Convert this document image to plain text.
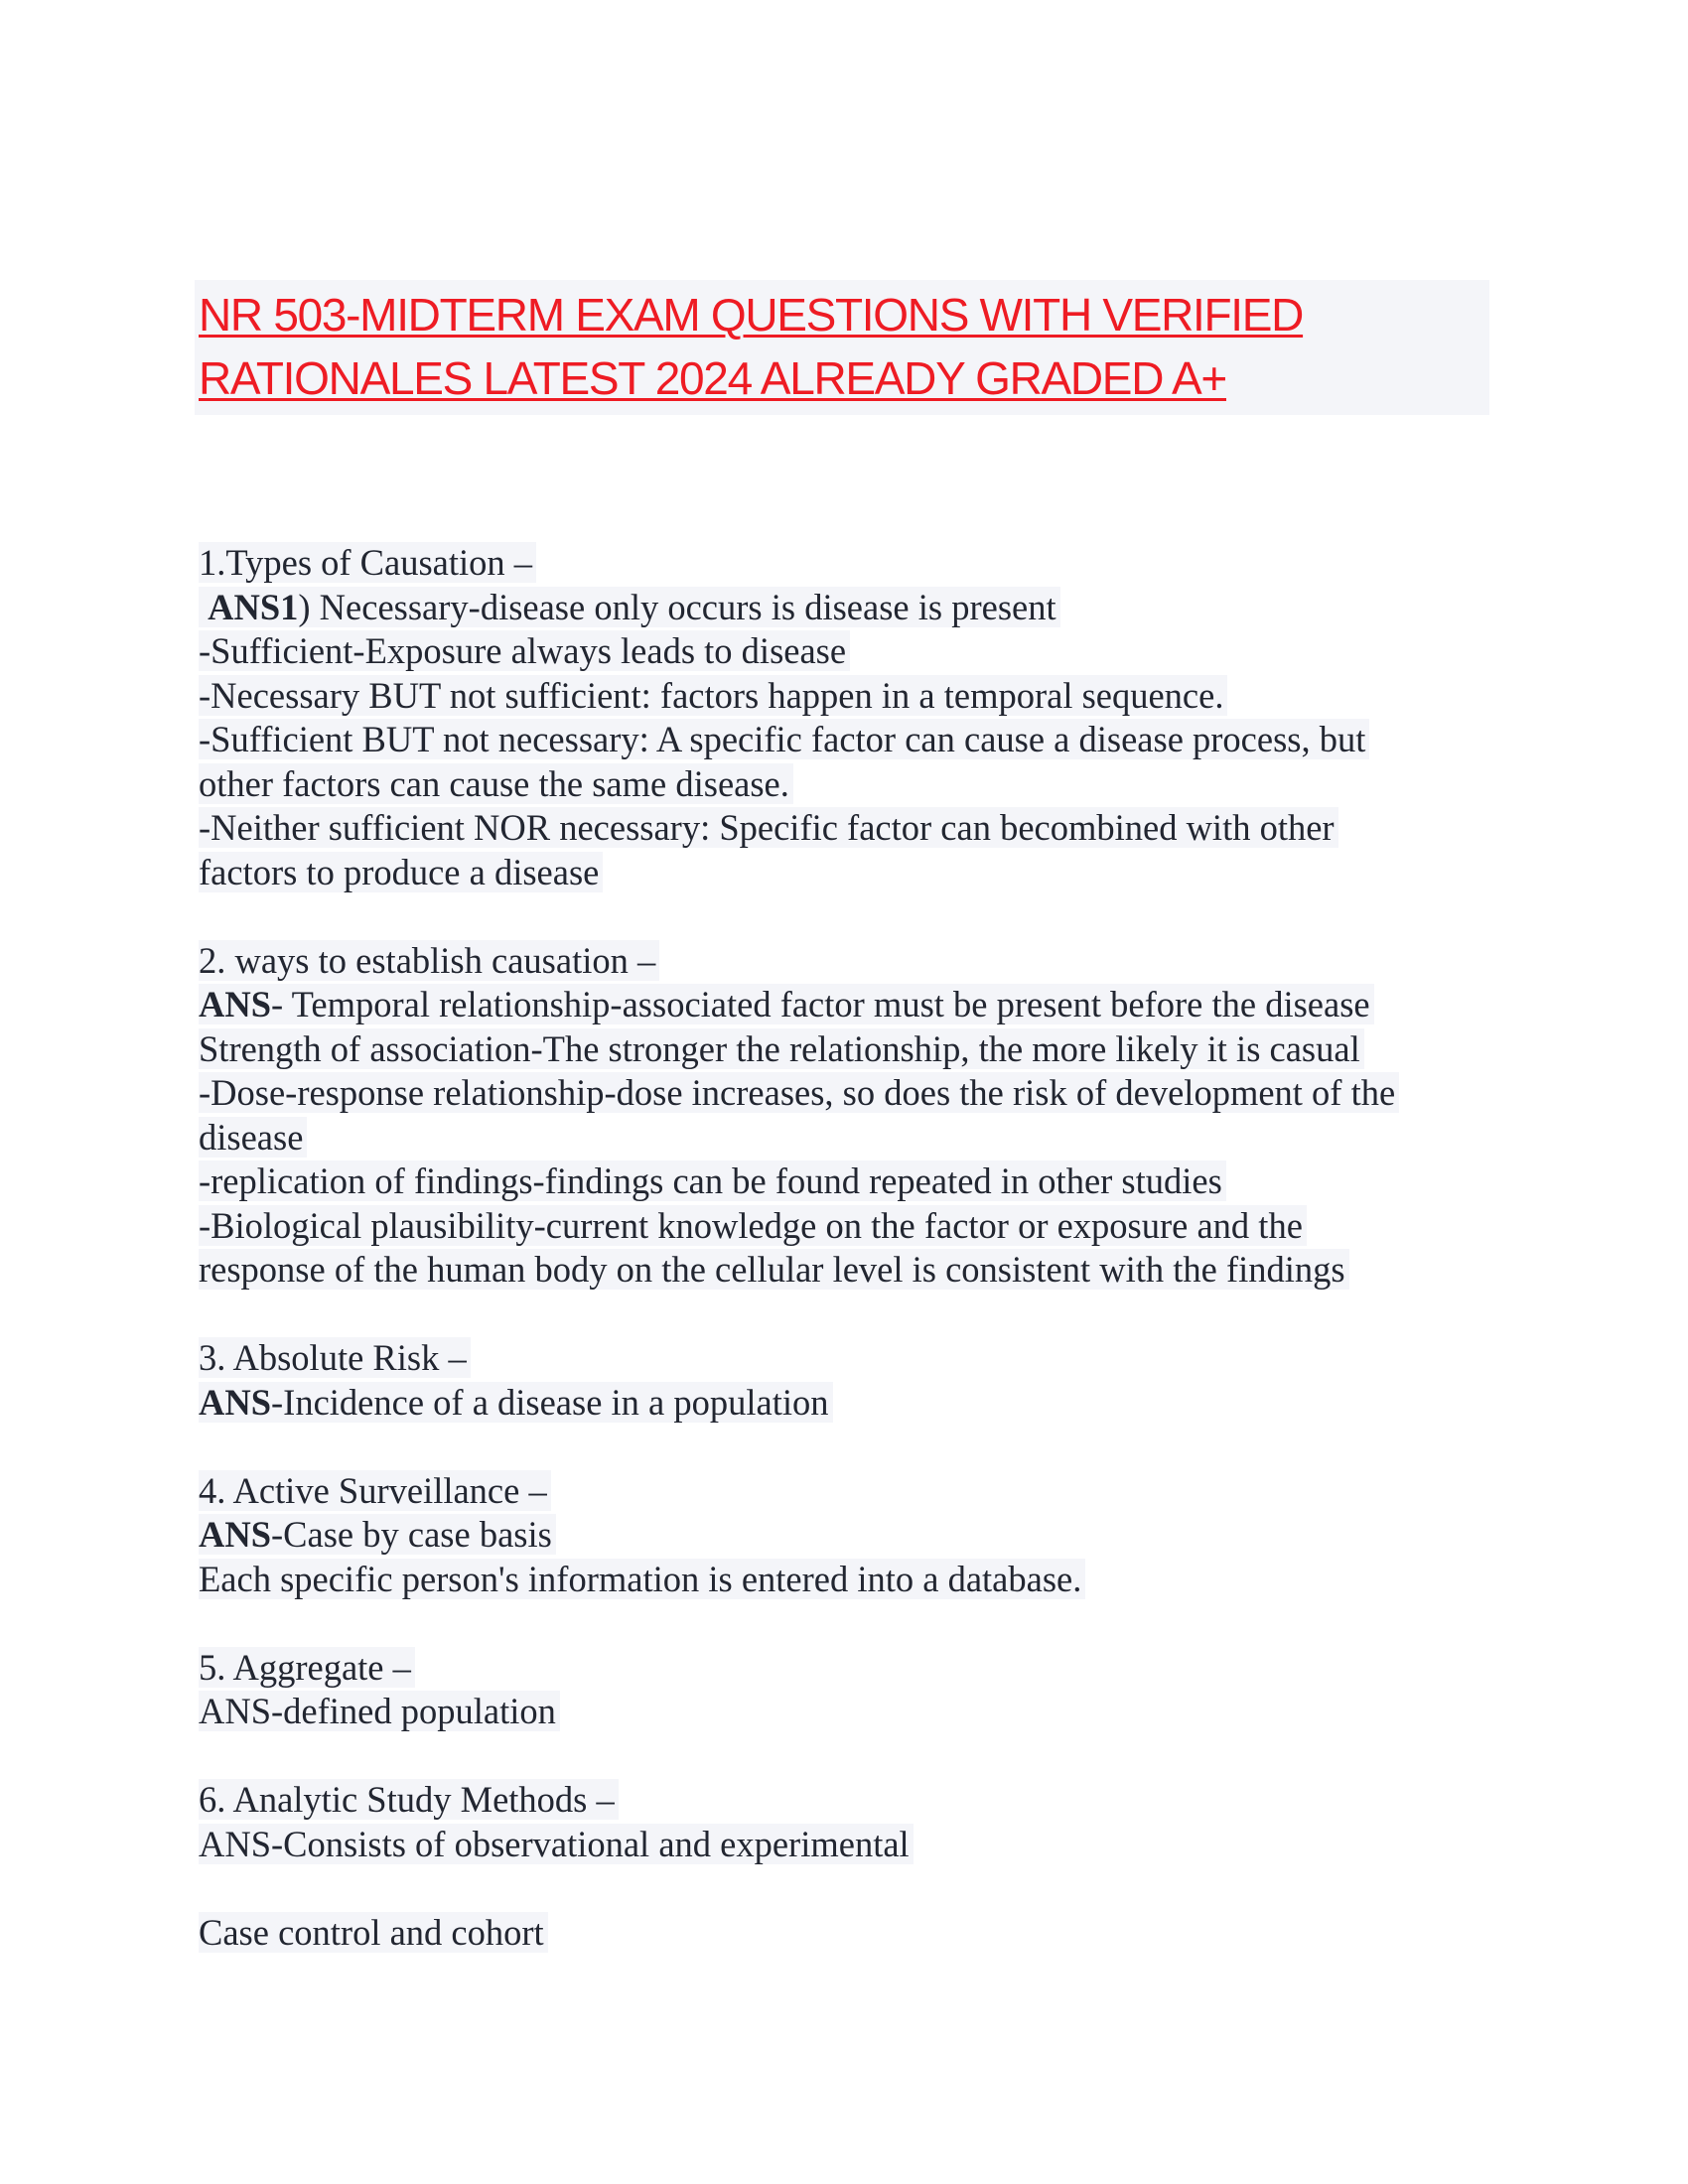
NR 503-MIDTERM EXAM QUESTIONS WITH VERIFIED
RATIONALES LATEST 2024 ALREADY GRADED A+
1.Types of Causation –
ANS1) Necessary-disease only occurs is disease is present
-Sufficient-Exposure always leads to disease
-Necessary BUT not sufficient: factors happen in a temporal sequence.
-Sufficient BUT not necessary: A specific factor can cause a disease process, but
other factors can cause the same disease.
-Neither sufficient NOR necessary: Specific factor can becombined with other
factors to produce a disease
2. ways to establish causation –
ANS- Temporal relationship-associated factor must be present before the disease
Strength of association-The stronger the relationship, the more likely it is casual
-Dose-response relationship-dose increases, so does the risk of development of the
disease
-replication of findings-findings can be found repeated in other studies
-Biological plausibility-current knowledge on the factor or exposure and the
response of the human body on the cellular level is consistent with the findings
3. Absolute Risk –
ANS-Incidence of a disease in a population
4. Active Surveillance –
ANS-Case by case basis
Each specific person's information is entered into a database.
5. Aggregate –
ANS-defined population
6. Analytic Study Methods –
ANS-Consists of observational and experimental
Case control and cohort
